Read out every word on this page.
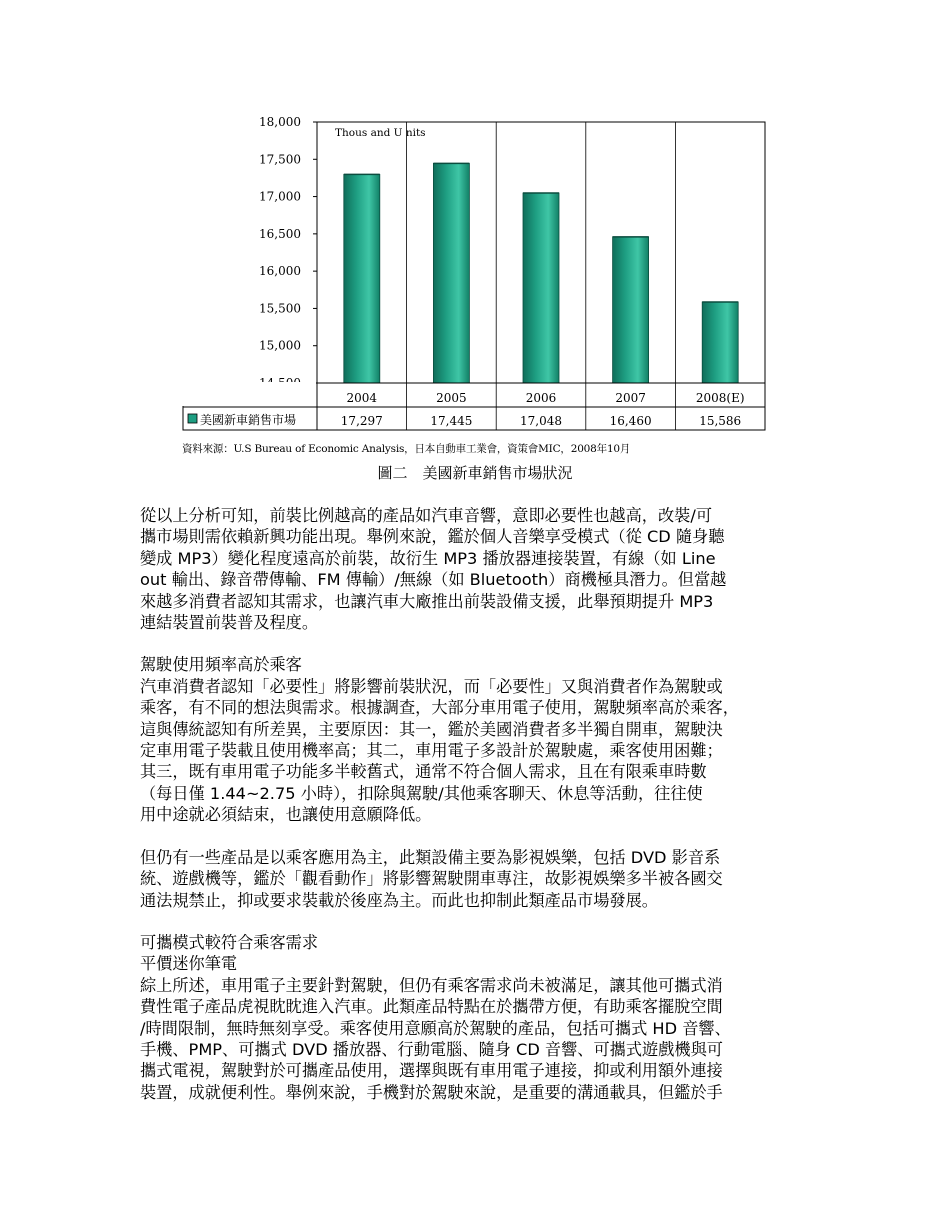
18,000
17,500
17,000
16,500
16,000
15,500
15,000
Thous and U nits
2004
17,297
2005
17,445
2006
17,048
2007
16,460
2008(E)
15,586
美國新車銷售市場
資料來源：U.S Bureau of Economic Analysis，日本自動車工業會，資策會MIC，2008年10月
圖二　美國新車銷售市場狀況

從以上分析可知，前裝比例越高的產品如汽車音響，意即必要性也越高，改裝/可
攜市場則需依賴新興功能出現。舉例來說，鑑於個人音樂享受模式（從 CD 隨身聽
變成 MP3）變化程度遠高於前裝，故衍生 MP3 播放器連接裝置，有線（如 Line
out 輸出、錄音帶傳輸、FM 傳輸）/無線（如 Bluetooth）商機極具潛力。但當越
來越多消費者認知其需求，也讓汽車大廠推出前裝設備支援，此舉預期提升 MP3
連結裝置前裝普及程度。

駕駛使用頻率高於乘客
汽車消費者認知「必要性」將影響前裝狀況，而「必要性」又與消費者作為駕駛或
乘客，有不同的想法與需求。根據調查，大部分車用電子使用，駕駛頻率高於乘客，
這與傳統認知有所差異，主要原因：其一，鑑於美國消費者多半獨自開車，駕駛決
定車用電子裝載且使用機率高；其二，車用電子多設計於駕駛處，乘客使用困難；
其三，既有車用電子功能多半較舊式，通常不符合個人需求，且在有限乘車時數
（每日僅 1.44~2.75 小時），扣除與駕駛/其他乘客聊天、休息等活動，往往使
用中途就必須結束，也讓使用意願降低。

但仍有一些產品是以乘客應用為主，此類設備主要為影視娛樂，包括 DVD 影音系
統、遊戲機等，鑑於「觀看動作」將影響駕駛開車專注，故影視娛樂多半被各國交
通法規禁止，抑或要求裝載於後座為主。而此也抑制此類產品市場發展。

可攜模式較符合乘客需求
平價迷你筆電
綜上所述，車用電子主要針對駕駛，但仍有乘客需求尚未被滿足，讓其他可攜式消
費性電子產品虎視眈眈進入汽車。此類產品特點在於攜帶方便，有助乘客擺脫空間
/時間限制，無時無刻享受。乘客使用意願高於駕駛的產品，包括可攜式 HD 音響、
手機、PMP、可攜式 DVD 播放器、行動電腦、隨身 CD 音響、可攜式遊戲機與可
攜式電視，駕駛對於可攜產品使用，選擇與既有車用電子連接，抑或利用額外連接
裝置，成就便利性。舉例來說，手機對於駕駛來說，是重要的溝通載具，但鑑於手
